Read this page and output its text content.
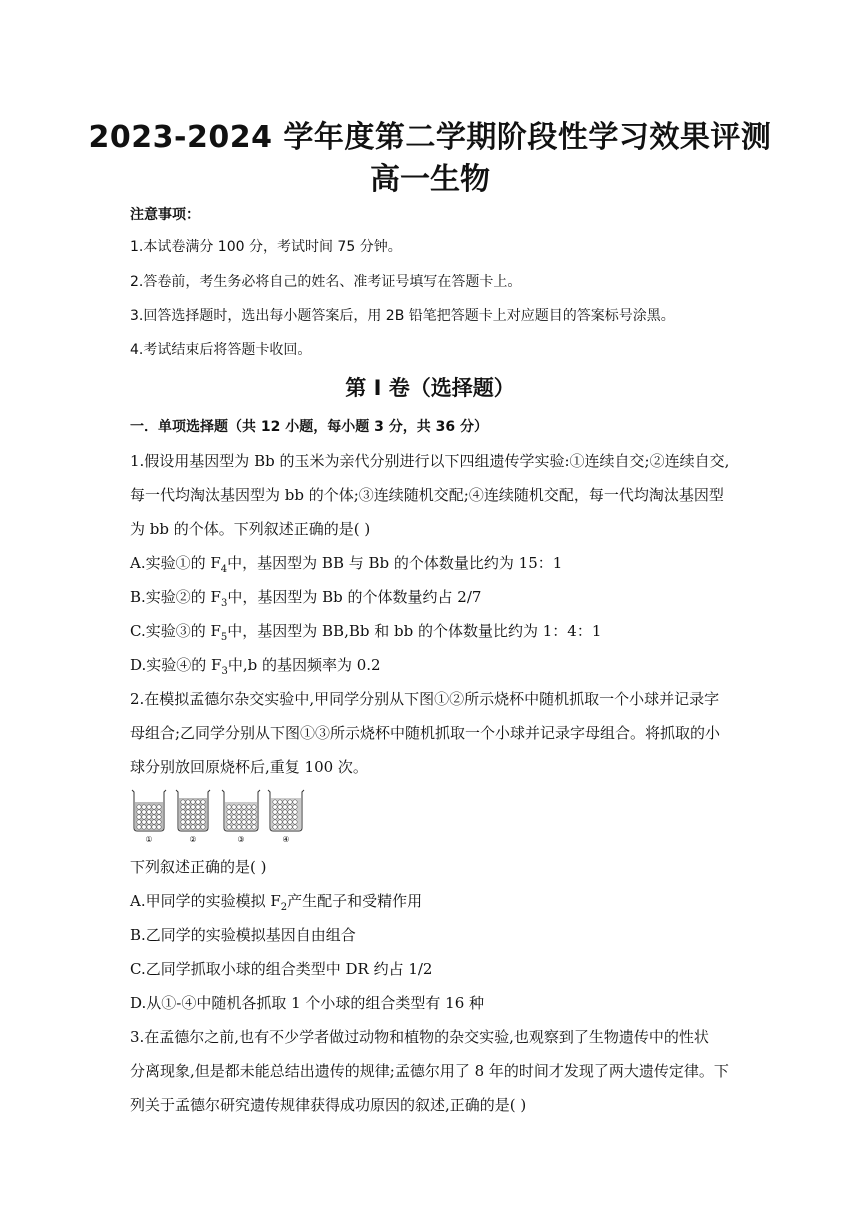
2023-2024 学年度第二学期阶段性学习效果评测
高一生物
注意事项：
1.本试卷满分 100 分，考试时间 75 分钟。
2.答卷前，考生务必将自己的姓名、准考证号填写在答题卡上。
3.回答选择题时，选出每小题答案后，用 2B 铅笔把答题卡上对应题目的答案标号涂黑。
4.考试结束后将答题卡收回。
第 I 卷（选择题）
一．单项选择题（共 12 小题，每小题 3 分，共 36 分）
1.假设用基因型为 Bb 的玉米为亲代分别进行以下四组遗传学实验:①连续自交;②连续自交,
每一代均淘汰基因型为 bb 的个体;③连续随机交配;④连续随机交配，每一代均淘汰基因型
为 bb 的个体。下列叙述正确的是( )
A.实验①的 $F_4$中，基因型为 BB 与 Bb 的个体数量比约为 15：1
B.实验②的 $F_3$中，基因型为 Bb 的个体数量约占 2/7
C.实验③的 $F_5$中，基因型为 BB,Bb 和 bb 的个体数量比约为 1：4：1
D.实验④的 $F_3$中,b 的基因频率为 0.2
2.在模拟孟德尔杂交实验中,甲同学分别从下图①②所示烧杯中随机抓取一个小球并记录字
母组合;乙同学分别从下图①③所示烧杯中随机抓取一个小球并记录字母组合。将抓取的小
球分别放回原烧杯后,重复 100 次。
①	②	③	④
下列叙述正确的是( )
A.甲同学的实验模拟 $F_2$产生配子和受精作用
B.乙同学的实验模拟基因自由组合
C.乙同学抓取小球的组合类型中 DR 约占 1/2
D.从①-④中随机各抓取 1 个小球的组合类型有 16 种
3.在孟德尔之前,也有不少学者做过动物和植物的杂交实验,也观察到了生物遗传中的性状
分离现象,但是都未能总结出遗传的规律;孟德尔用了 8 年的时间才发现了两大遗传定律。下
列关于孟德尔研究遗传规律获得成功原因的叙述,正确的是( )
